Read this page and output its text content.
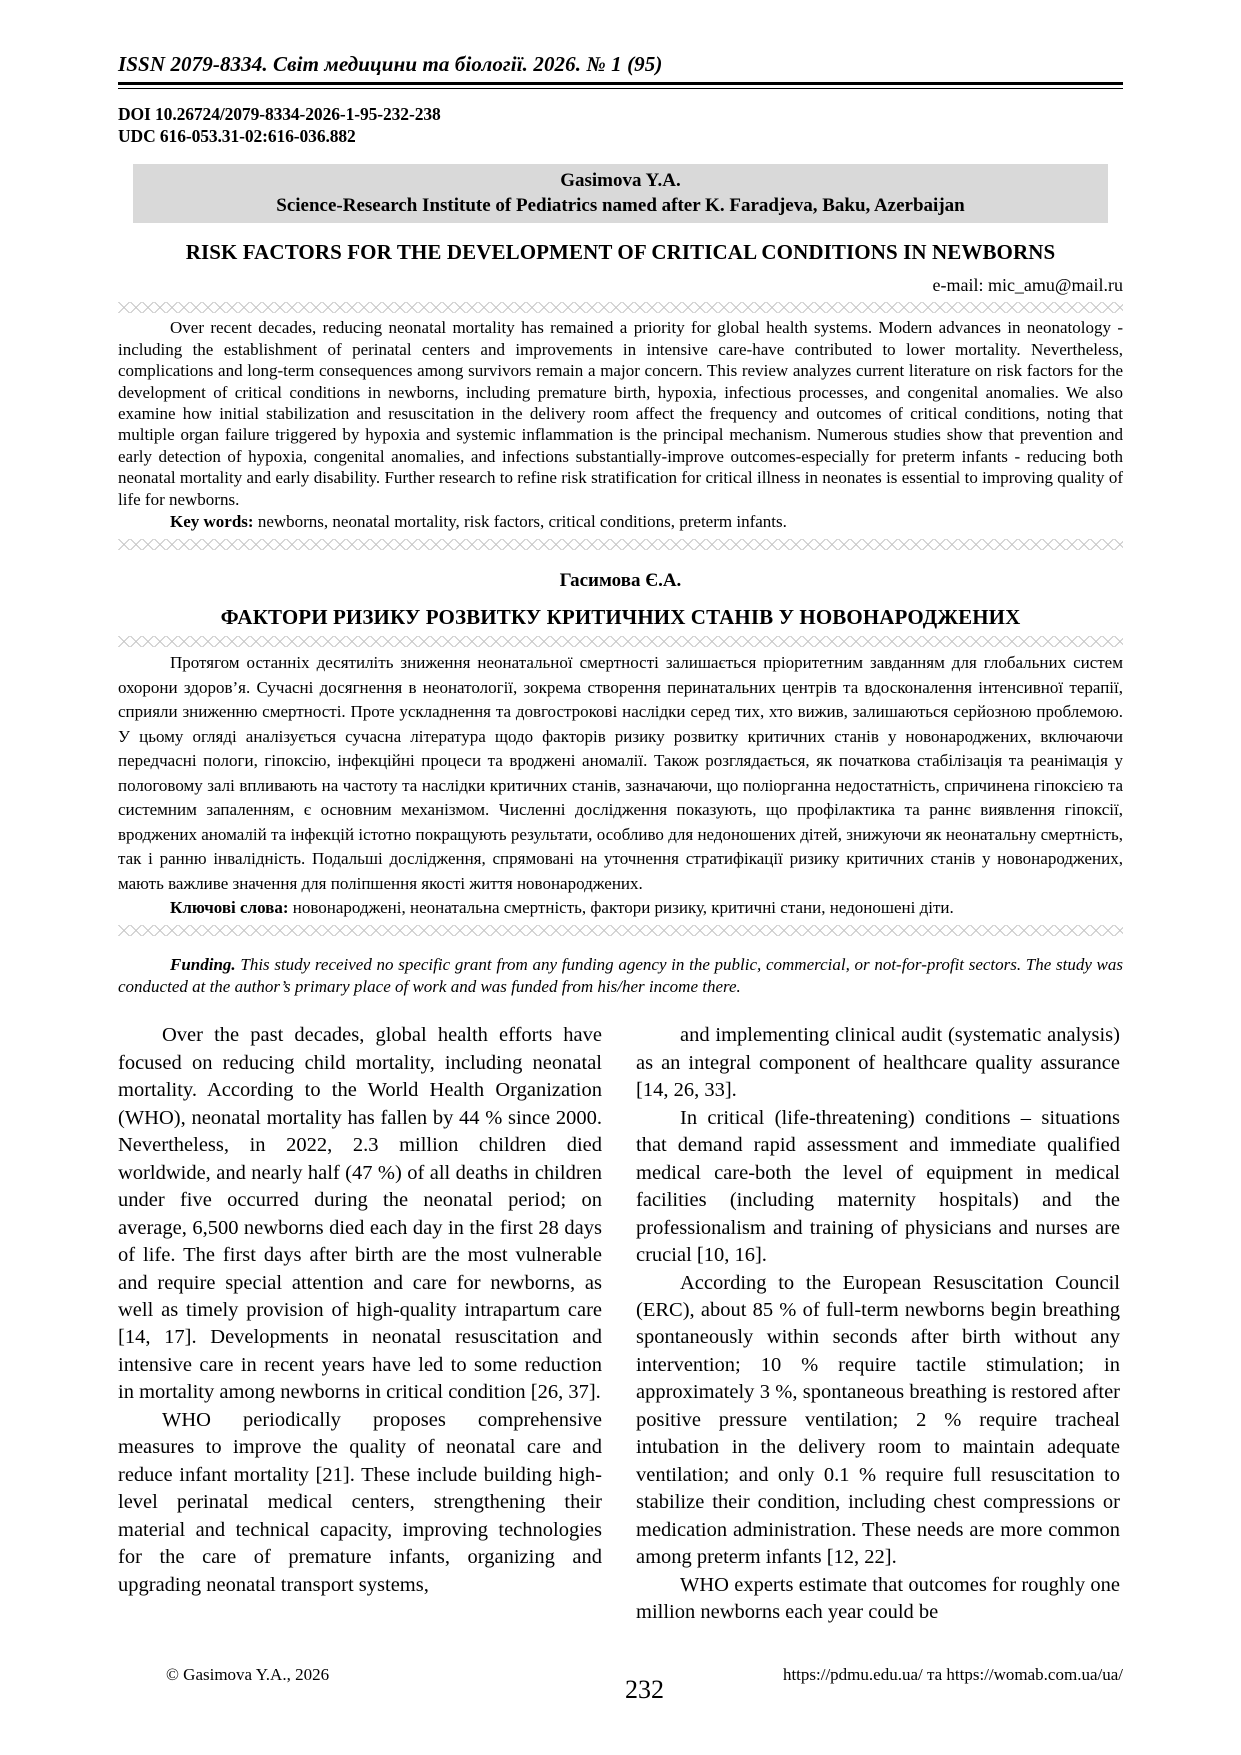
ISSN 2079-8334. Світ медицини та біології. 2026. № 1 (95)
DOI 10.26724/2079-8334-2026-1-95-232-238
UDC 616-053.31-02:616-036.882
Gasimova Y.A.
Science-Research Institute of Pediatrics named after K. Faradjeva, Baku, Azerbaijan
RISK FACTORS FOR THE DEVELOPMENT OF CRITICAL CONDITIONS IN NEWBORNS
e-mail: mic_amu@mail.ru
Over recent decades, reducing neonatal mortality has remained a priority for global health systems. Modern advances in neonatology - including the establishment of perinatal centers and improvements in intensive care-have contributed to lower mortality. Nevertheless, complications and long-term consequences among survivors remain a major concern. This review analyzes current literature on risk factors for the development of critical conditions in newborns, including premature birth, hypoxia, infectious processes, and congenital anomalies. We also examine how initial stabilization and resuscitation in the delivery room affect the frequency and outcomes of critical conditions, noting that multiple organ failure triggered by hypoxia and systemic inflammation is the principal mechanism. Numerous studies show that prevention and early detection of hypoxia, congenital anomalies, and infections substantially-improve outcomes-especially for preterm infants - reducing both neonatal mortality and early disability. Further research to refine risk stratification for critical illness in neonates is essential to improving quality of life for newborns.
Key words: newborns, neonatal mortality, risk factors, critical conditions, preterm infants.
Гасимова Є.А.
ФАКТОРИ РИЗИКУ РОЗВИТКУ КРИТИЧНИХ СТАНІВ У НОВОНАРОДЖЕНИХ
Протягом останніх десятиліть зниження неонатальної смертності залишається пріоритетним завданням для глобальних систем охорони здоров’я. Сучасні досягнення в неонатології, зокрема створення перинатальних центрів та вдосконалення інтенсивної терапії, сприяли зниженню смертності. Проте ускладнення та довгострокові наслідки серед тих, хто вижив, залишаються серйозною проблемою. У цьому огляді аналізується сучасна література щодо факторів ризику розвитку критичних станів у новонароджених, включаючи передчасні пологи, гіпоксію, інфекційні процеси та вроджені аномалії. Також розглядається, як початкова стабілізація та реанімація у пологовому залі впливають на частоту та наслідки критичних станів, зазначаючи, що поліорганна недостатність, спричинена гіпоксією та системним запаленням, є основним механізмом. Численні дослідження показують, що профілактика та раннє виявлення гіпоксії, вроджених аномалій та інфекцій істотно покращують результати, особливо для недоношених дітей, знижуючи як неонатальну смертність, так і ранню інвалідність. Подальші дослідження, спрямовані на уточнення стратифікації ризику критичних станів у новонароджених, мають важливе значення для поліпшення якості життя новонароджених.
Ключові слова: новонароджені, неонатальна смертність, фактори ризику, критичні стани, недоношені діти.
Funding. This study received no specific grant from any funding agency in the public, commercial, or not-for-profit sectors. The study was conducted at the author’s primary place of work and was funded from his/her income there.

Over the past decades, global health efforts have focused on reducing child mortality, including neonatal mortality. According to the World Health Organization (WHO), neonatal mortality has fallen by 44 % since 2000. Nevertheless, in 2022, 2.3 million children died worldwide, and nearly half (47 %) of all deaths in children under five occurred during the neonatal period; on average, 6,500 newborns died each day in the first 28 days of life. The first days after birth are the most vulnerable and require special attention and care for newborns, as well as timely provision of high-quality intrapartum care [14, 17]. Developments in neonatal resuscitation and intensive care in recent years have led to some reduction in mortality among newborns in critical condition [26, 37].

WHO periodically proposes comprehensive measures to improve the quality of neonatal care and reduce infant mortality [21]. These include building high-level perinatal medical centers, strengthening their material and technical capacity, improving technologies for the care of premature infants, organizing and upgrading neonatal transport systems,

and implementing clinical audit (systematic analysis) as an integral component of healthcare quality assurance [14, 26, 33].

In critical (life-threatening) conditions – situations that demand rapid assessment and immediate qualified medical care-both the level of equipment in medical facilities (including maternity hospitals) and the professionalism and training of physicians and nurses are crucial [10, 16].

According to the European Resuscitation Council (ERC), about 85 % of full-term newborns begin breathing spontaneously within seconds after birth without any intervention; 10 % require tactile stimulation; in approximately 3 %, spontaneous breathing is restored after positive pressure ventilation; 2 % require tracheal intubation in the delivery room to maintain adequate ventilation; and only 0.1 % require full resuscitation to stabilize their condition, including chest compressions or medication administration. These needs are more common among preterm infants [12, 22].

WHO experts estimate that outcomes for roughly one million newborns each year could be

© Gasimova Y.A., 2026
232
https://pdmu.edu.ua/ та https://womab.com.ua/ua/
